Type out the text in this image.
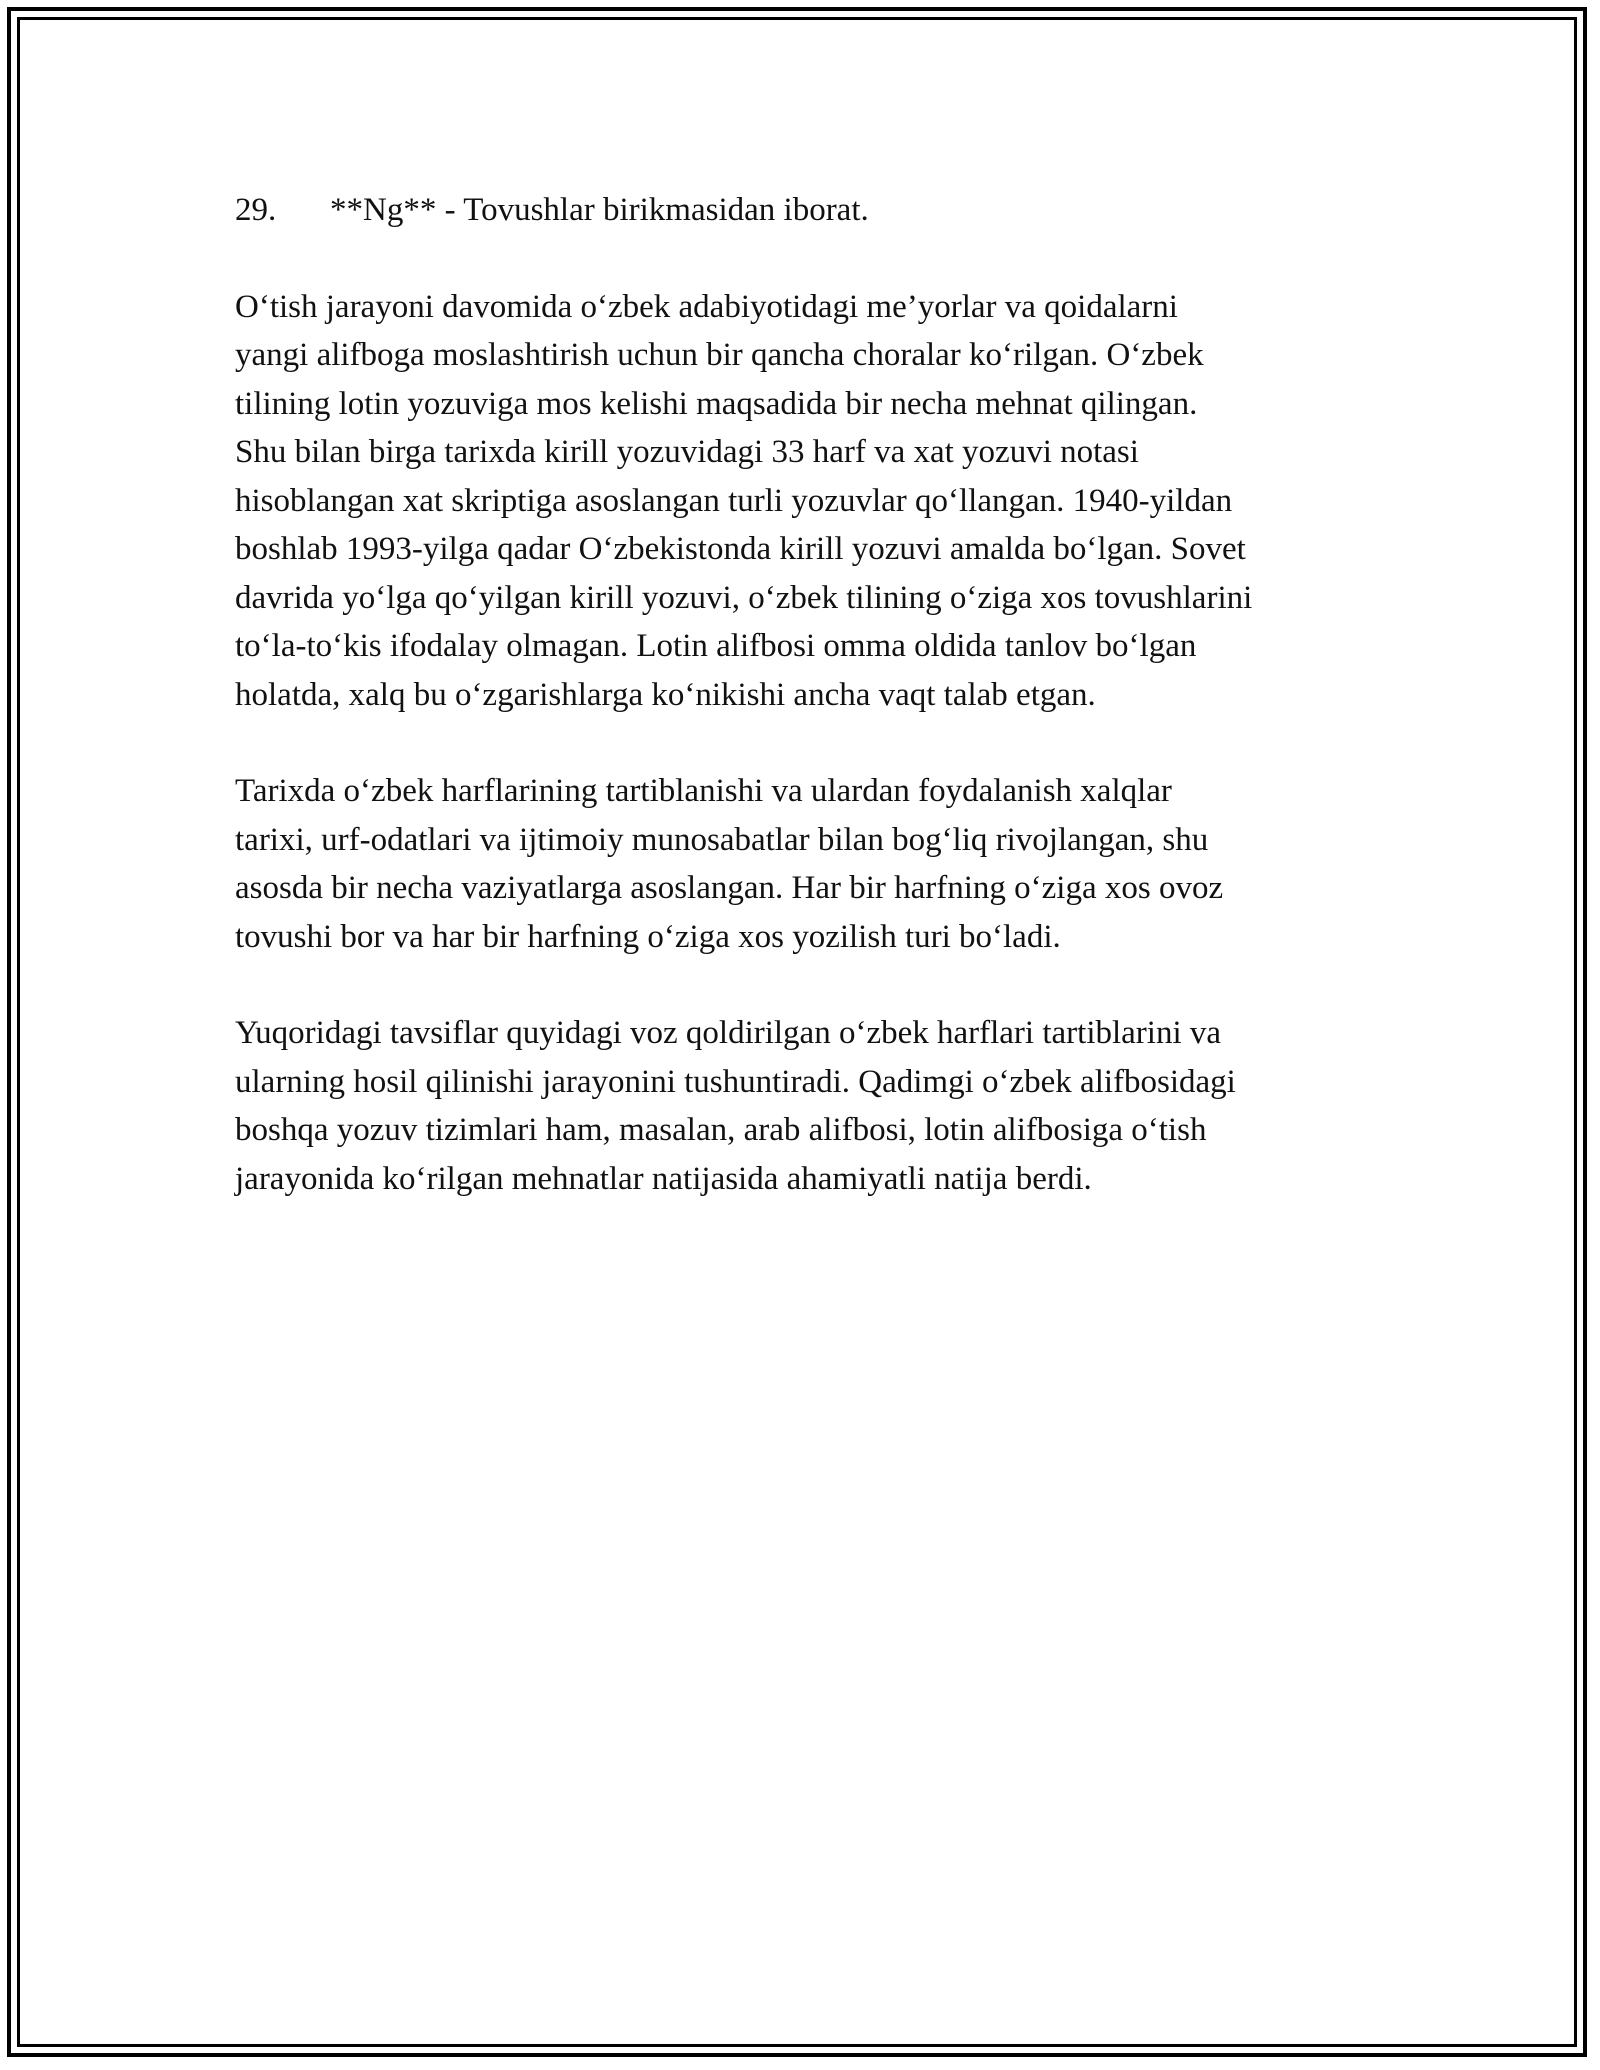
29.	**Ng** - Tovushlar birikmasidan iborat.

O‘tish jarayoni davomida o‘zbek adabiyotidagi me’yorlar va qoidalarni
yangi alifboga moslashtirish uchun bir qancha choralar ko‘rilgan. O‘zbek
tilining lotin yozuviga mos kelishi maqsadida bir necha mehnat qilingan.
Shu bilan birga tarixda kirill yozuvidagi 33 harf va xat yozuvi notasi
hisoblangan xat skriptiga asoslangan turli yozuvlar qo‘llangan. 1940-yildan
boshlab 1993-yilga qadar O‘zbekistonda kirill yozuvi amalda bo‘lgan. Sovet
davrida yo‘lga qo‘yilgan kirill yozuvi, o‘zbek tilining o‘ziga xos tovushlarini
to‘la-to‘kis ifodalay olmagan. Lotin alifbosi omma oldida tanlov bo‘lgan
holatda, xalq bu o‘zgarishlarga ko‘nikishi ancha vaqt talab etgan.

Tarixda o‘zbek harflarining tartiblanishi va ulardan foydalanish xalqlar
tarixi, urf-odatlari va ijtimoiy munosabatlar bilan bog‘liq rivojlangan, shu
asosda bir necha vaziyatlarga asoslangan. Har bir harfning o‘ziga xos ovoz
tovushi bor va har bir harfning o‘ziga xos yozilish turi bo‘ladi.

Yuqoridagi tavsiflar quyidagi voz qoldirilgan o‘zbek harflari tartiblarini va
ularning hosil qilinishi jarayonini tushuntiradi. Qadimgi o‘zbek alifbosidagi
boshqa yozuv tizimlari ham, masalan, arab alifbosi, lotin alifbosiga o‘tish
jarayonida ko‘rilgan mehnatlar natijasida ahamiyatli natija berdi.
